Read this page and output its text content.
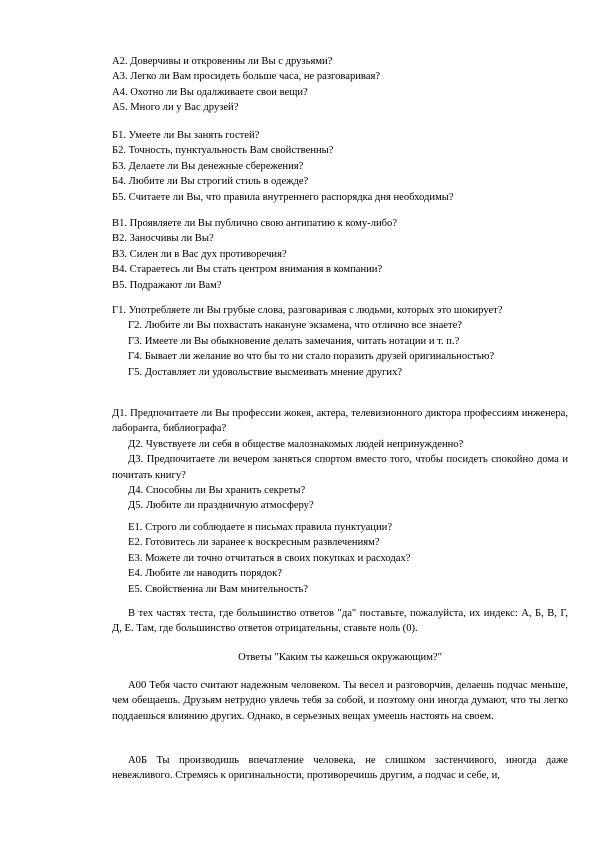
А2. Доверчивы и откровенны ли Вы с друзьями?
А3. Легко ли Вам просидеть больше часа, не разговаривая?
А4. Охотно ли Вы одалживаете свои вещи?
А5. Много ли у Вас друзей?
Б1. Умеете ли Вы занять гостей?
Б2. Точность, пунктуальность Вам свойственны?
Б3. Делаете ли Вы денежные сбережения?
Б4. Любите ли Вы строгий стиль в одежде?
Б5. Считаете ли Вы, что правила внутреннего распорядка дня необходимы?
В1. Проявляете ли Вы публично свою антипатию к кому-либо?
В2. Заносчивы ли Вы?
В3. Силен ли в Вас дух противоречия?
В4. Стараетесь ли Вы стать центром внимания в компании?
В5. Подражают ли Вам?
Г1. Употребляете ли Вы грубые слова, разговаривая с людьми, которых это шокирует?
Г2. Любите ли Вы похвастать накануне экзамена, что отлично все знаете?
Г3. Имеете ли Вы обыкновение делать замечания, читать нотации и т. п.?
Г4. Бывает ли желание во что бы то ни стало поразить друзей оригинальностью?
Г5. Доставляет ли удовольствие высмеивать мнение других?
Д1. Предпочитаете ли Вы профессии жокея, актера, телевизионного диктора профессиям инженера, лаборанта, библиографа?
Д2. Чувствуете ли себя в обществе малознакомых людей непринужденно?
Д3. Предпочитаете ли вечером заняться спортом вместо того, чтобы посидеть спокойно дома и почитать книгу?
Д4. Способны ли Вы хранить секреты?
Д5. Любите ли праздничную атмосферу?
Е1. Строго ли соблюдаете в письмах правила пунктуации?
Е2. Готовитесь ли заранее к воскресным развлечениям?
Е3. Можете ли точно отчитаться в своих покупках и расходах?
Е4. Любите ли наводить порядок?
Е5. Свойственна ли Вам мнительность?
В тех частях теста, где большинство ответов "да" поставьте, пожалуйста, их индекс: А, Б, В, Г, Д, Е. Там, где большинство ответов отрицательны, ставьте ноль (0).
Ответы "Каким ты кажешься окружающим?"
А00 Тебя часто считают надежным человеком. Ты весел и разговорчив, делаешь подчас меньше, чем обещаешь. Друзьям нетрудно увлечь тебя за собой, и поэтому они иногда думают, что ты легко поддаешься влиянию других. Однако, в серьезных вещах умеешь настоять на своем.
А0Б Ты производишь впечатление человека, не слишком застенчивого, иногда даже невежливого. Стремясь к оригинальности, противоречишь другим, а подчас и себе, и,
